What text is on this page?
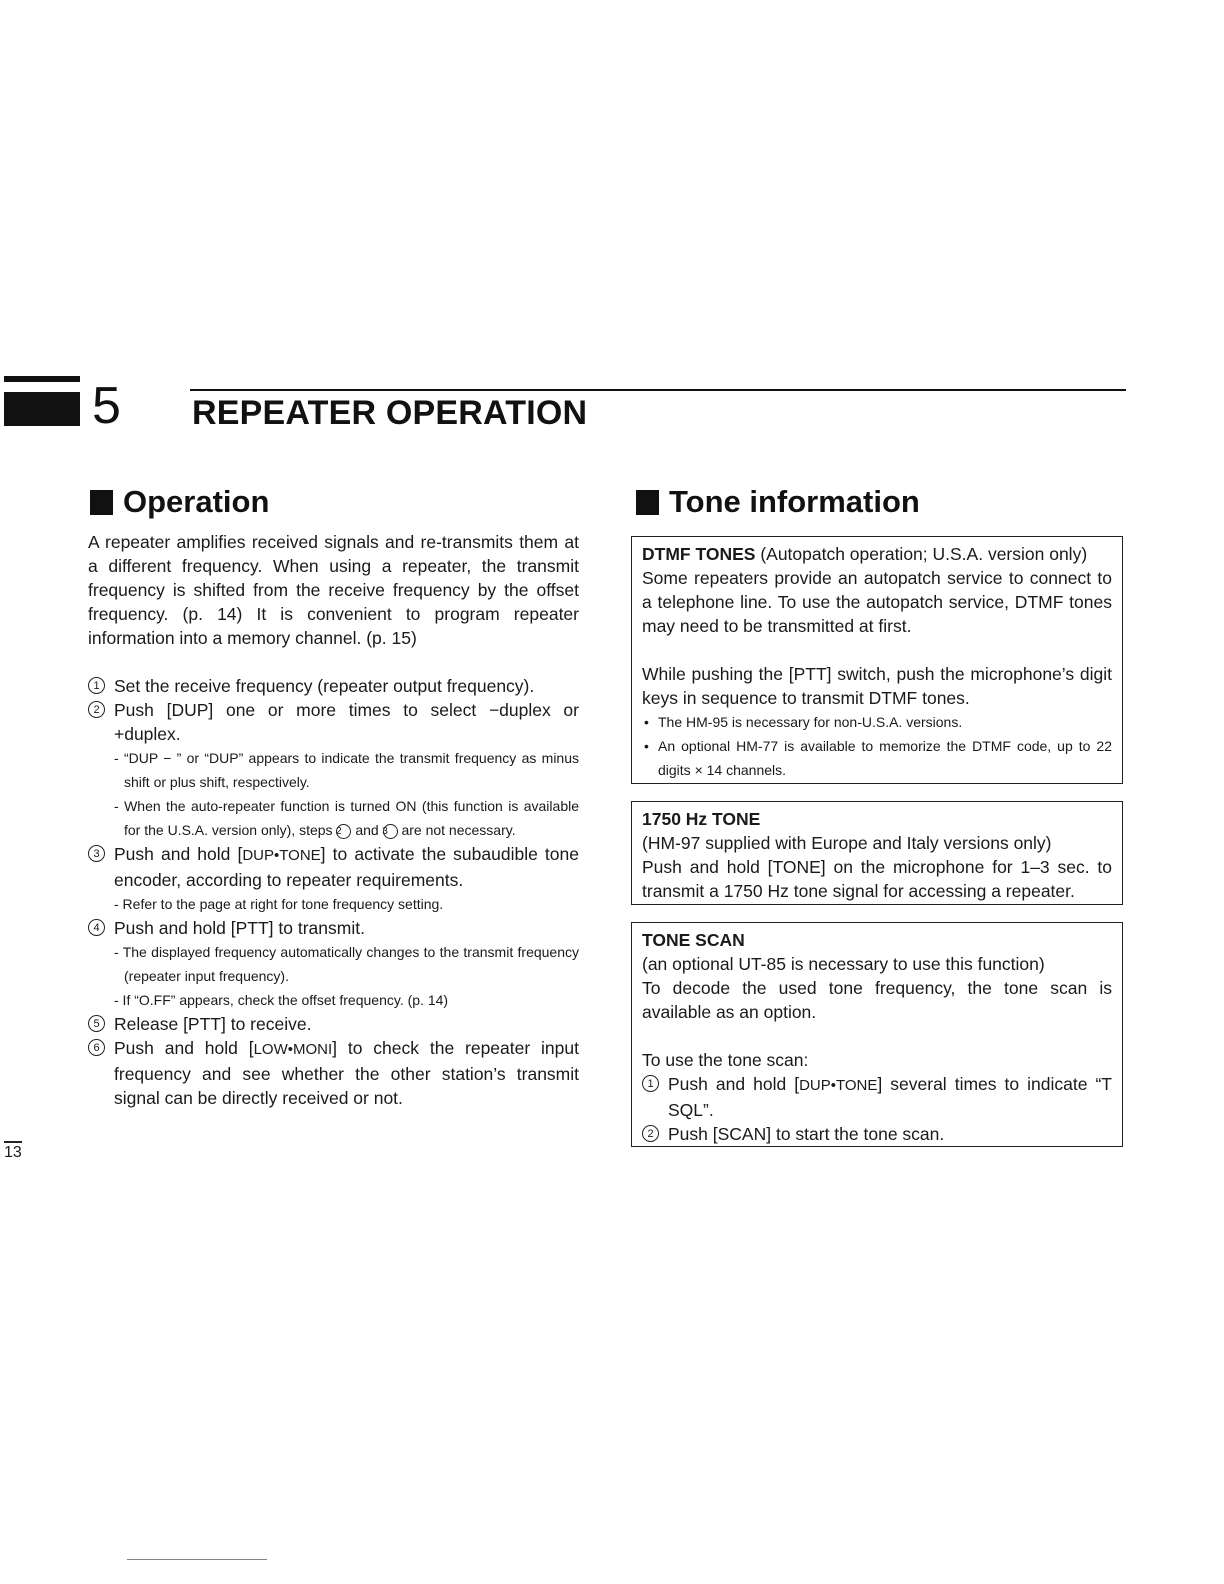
5 REPEATER OPERATION
Operation

A repeater amplifies received signals and re-transmits them at a different frequency. When using a repeater, the transmit frequency is shifted from the receive frequency by the offset frequency. (p. 14) It is convenient to program repeater information into a memory channel. (p. 15)

1 Set the receive frequency (repeater output frequency).
2 Push [DUP] one or more times to select −duplex or +duplex.
- “DUP − ” or “DUP” appears to indicate the transmit frequency as minus shift or plus shift, respectively.
- When the auto-repeater function is turned ON (this function is available for the U.S.A. version only), steps 2 and 3 are not necessary.
3 Push and hold [DUP•TONE] to activate the subaudible tone encoder, according to repeater requirements.
- Refer to the page at right for tone frequency setting.
4 Push and hold [PTT] to transmit.
- The displayed frequency automatically changes to the transmit frequency (repeater input frequency).
- If “O.FF” appears, check the offset frequency. (p. 14)
5 Release [PTT] to receive.
6 Push and hold [LOW•MONI] to check the repeater input frequency and see whether the other station’s transmit signal can be directly received or not.
Tone information

DTMF TONES (Autopatch operation; U.S.A. version only)

Some repeaters provide an autopatch service to connect to a telephone line. To use the autopatch service, DTMF tones may need to be transmitted at first.

While pushing the [PTT] switch, push the microphone’s digit keys in sequence to transmit DTMF tones.

• The HM-95 is necessary for non-U.S.A. versions.
• An optional HM-77 is available to memorize the DTMF code, up to 22 digits × 14 channels.

1750 Hz TONE

(HM-97 supplied with Europe and Italy versions only)

Push and hold [TONE] on the microphone for 1–3 sec. to transmit a 1750 Hz tone signal for accessing a repeater.

TONE SCAN

(an optional UT-85 is necessary to use this function)

To decode the used tone frequency, the tone scan is available as an option.

To use the tone scan:

1 Push and hold [DUP•TONE] several times to indicate “T SQL”.
2 Push [SCAN] to start the tone scan.
13
